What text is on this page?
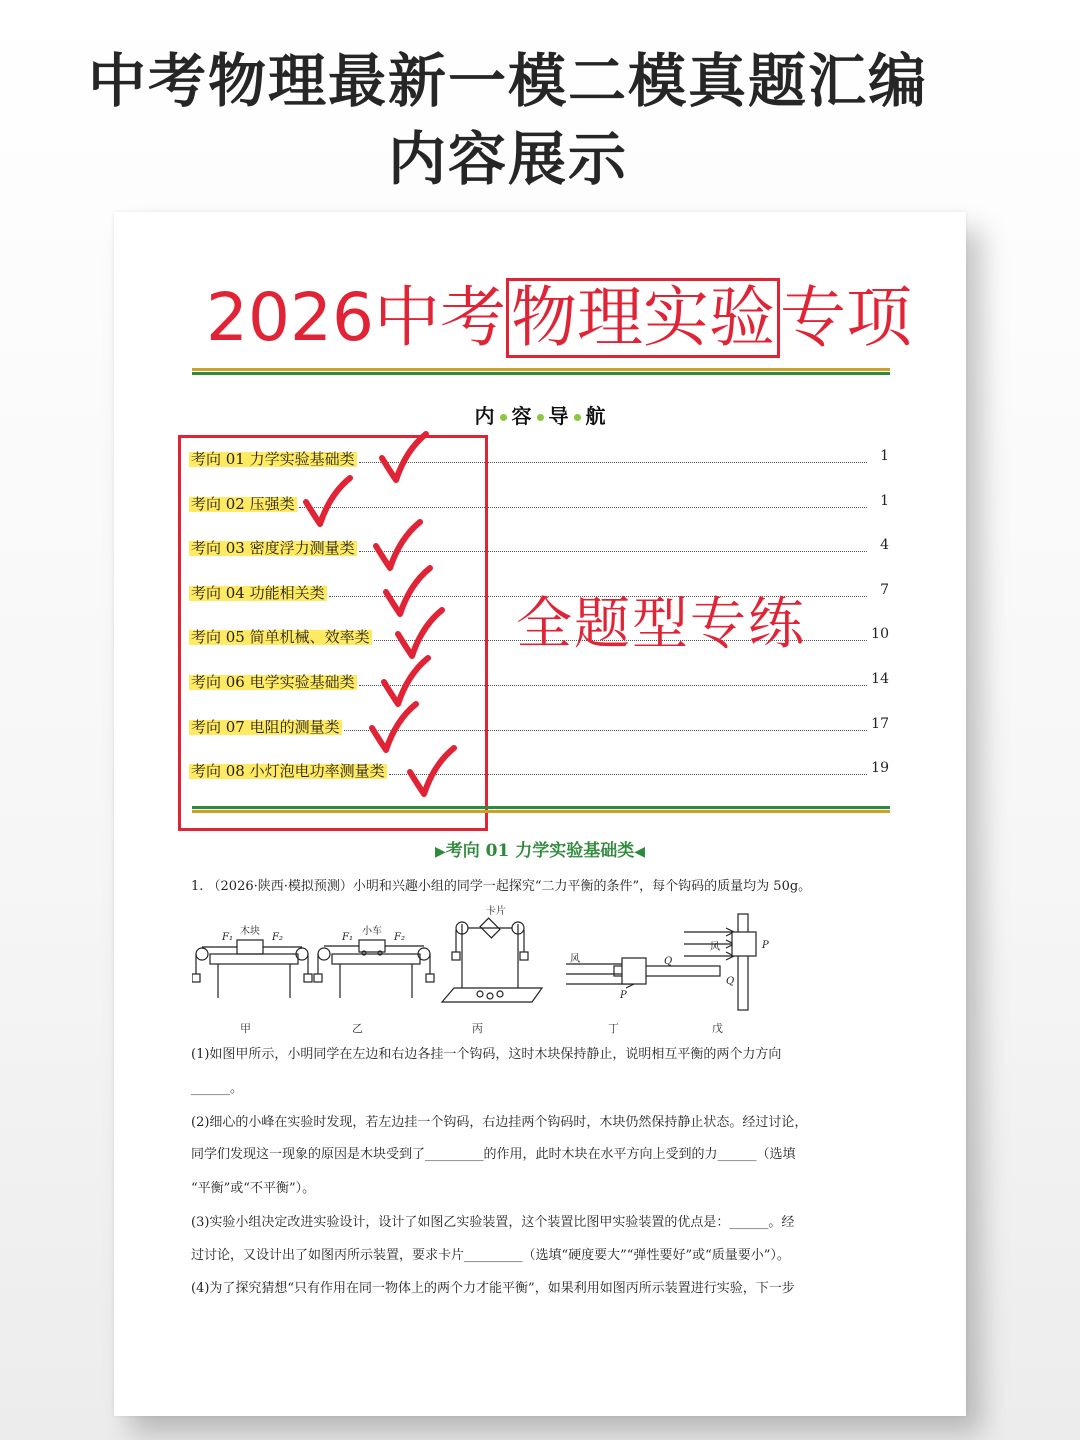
中考物理最新一模二模真题汇编
内容展示
2026中考物理实验专项
内 容 导 航
考向 01 力学实验基础类	1
考向 02 压强类	1
考向 03 密度浮力测量类	4
考向 04 功能相关类	7
考向 05 简单机械、效率类	10
考向 06 电学实验基础类	14
考向 07 电阻的测量类	17
考向 08 小灯泡电功率测量类	19
全题型专练
▶考向 01 力学实验基础类◀
1. （2026·陕西·模拟预测）小明和兴趣小组的同学一起探究“二力平衡的条件”，每个钩码的质量均为 50g。
F₁
木块
F₂	F₁
小车
F₂
卡片
风	Q
P
风	P
Q
甲	乙	丙	丁	戊
(1)如图甲所示，小明同学在左边和右边各挂一个钩码，这时木块保持静止，说明相互平衡的两个力方向
______。
(2)细心的小峰在实验时发现，若左边挂一个钩码，右边挂两个钩码时，木块仍然保持静止状态。经过讨论，
同学们发现这一现象的原因是木块受到了_________的作用，此时木块在水平方向上受到的力______（选填
“平衡”或“不平衡”）。
(3)实验小组决定改进实验设计，设计了如图乙实验装置，这个装置比图甲实验装置的优点是：______。经
过讨论，又设计出了如图丙所示装置，要求卡片_________（选填“硬度要大”“弹性要好”或“质量要小”）。
(4)为了探究猜想“只有作用在同一物体上的两个力才能平衡”，如果利用如图丙所示装置进行实验，下一步
